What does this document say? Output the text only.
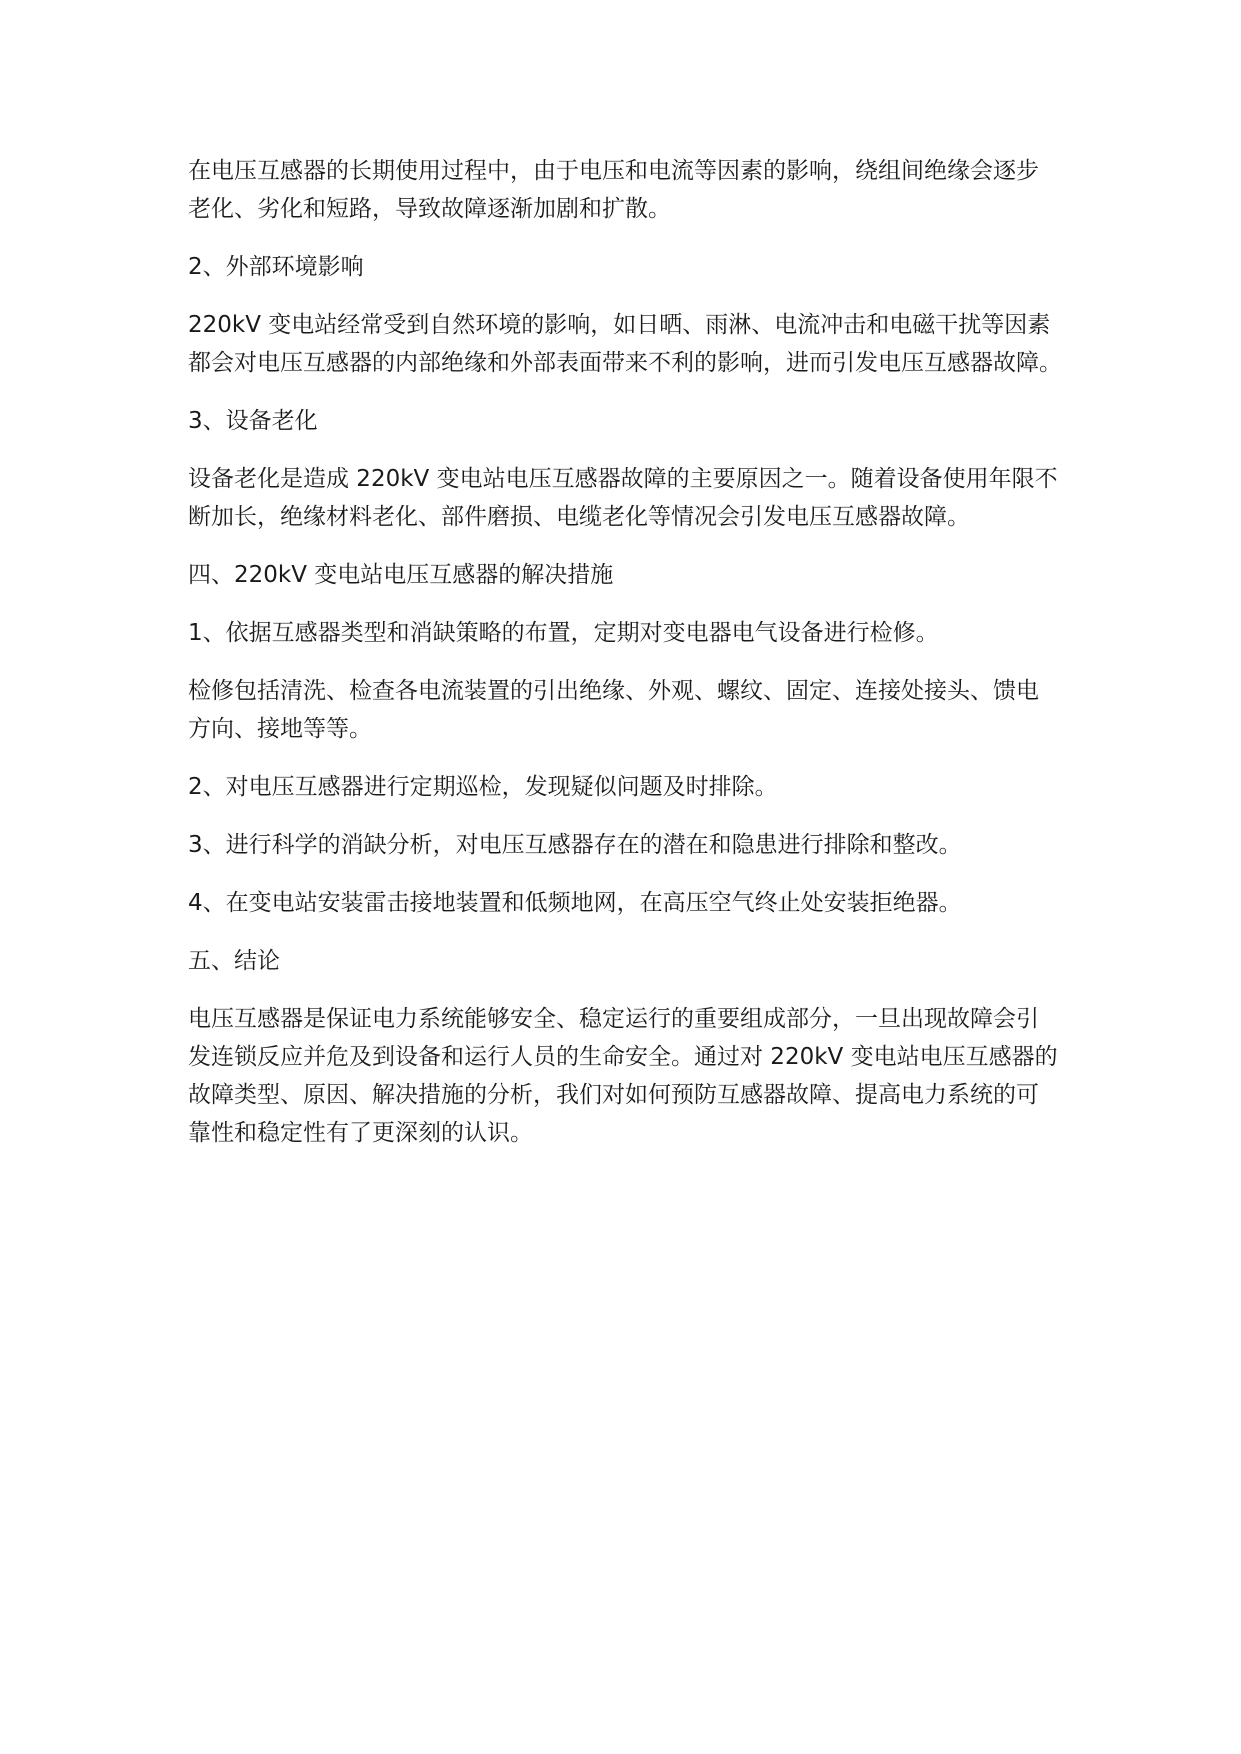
在电压互感器的长期使用过程中，由于电压和电流等因素的影响，绕组间绝缘会逐步
老化、劣化和短路，导致故障逐渐加剧和扩散。
2、外部环境影响
220kV 变电站经常受到自然环境的影响，如日晒、雨淋、电流冲击和电磁干扰等因素
都会对电压互感器的内部绝缘和外部表面带来不利的影响，进而引发电压互感器故障。
3、设备老化
设备老化是造成 220kV 变电站电压互感器故障的主要原因之一。随着设备使用年限不
断加长，绝缘材料老化、部件磨损、电缆老化等情况会引发电压互感器故障。
四、220kV 变电站电压互感器的解决措施
1、依据互感器类型和消缺策略的布置，定期对变电器电气设备进行检修。
检修包括清洗、检查各电流装置的引出绝缘、外观、螺纹、固定、连接处接头、馈电
方向、接地等等。
2、对电压互感器进行定期巡检，发现疑似问题及时排除。
3、进行科学的消缺分析，对电压互感器存在的潜在和隐患进行排除和整改。
4、在变电站安装雷击接地装置和低频地网，在高压空气终止处安装拒绝器。
五、结论
电压互感器是保证电力系统能够安全、稳定运行的重要组成部分，一旦出现故障会引
发连锁反应并危及到设备和运行人员的生命安全。通过对 220kV 变电站电压互感器的
故障类型、原因、解决措施的分析，我们对如何预防互感器故障、提高电力系统的可
靠性和稳定性有了更深刻的认识。
